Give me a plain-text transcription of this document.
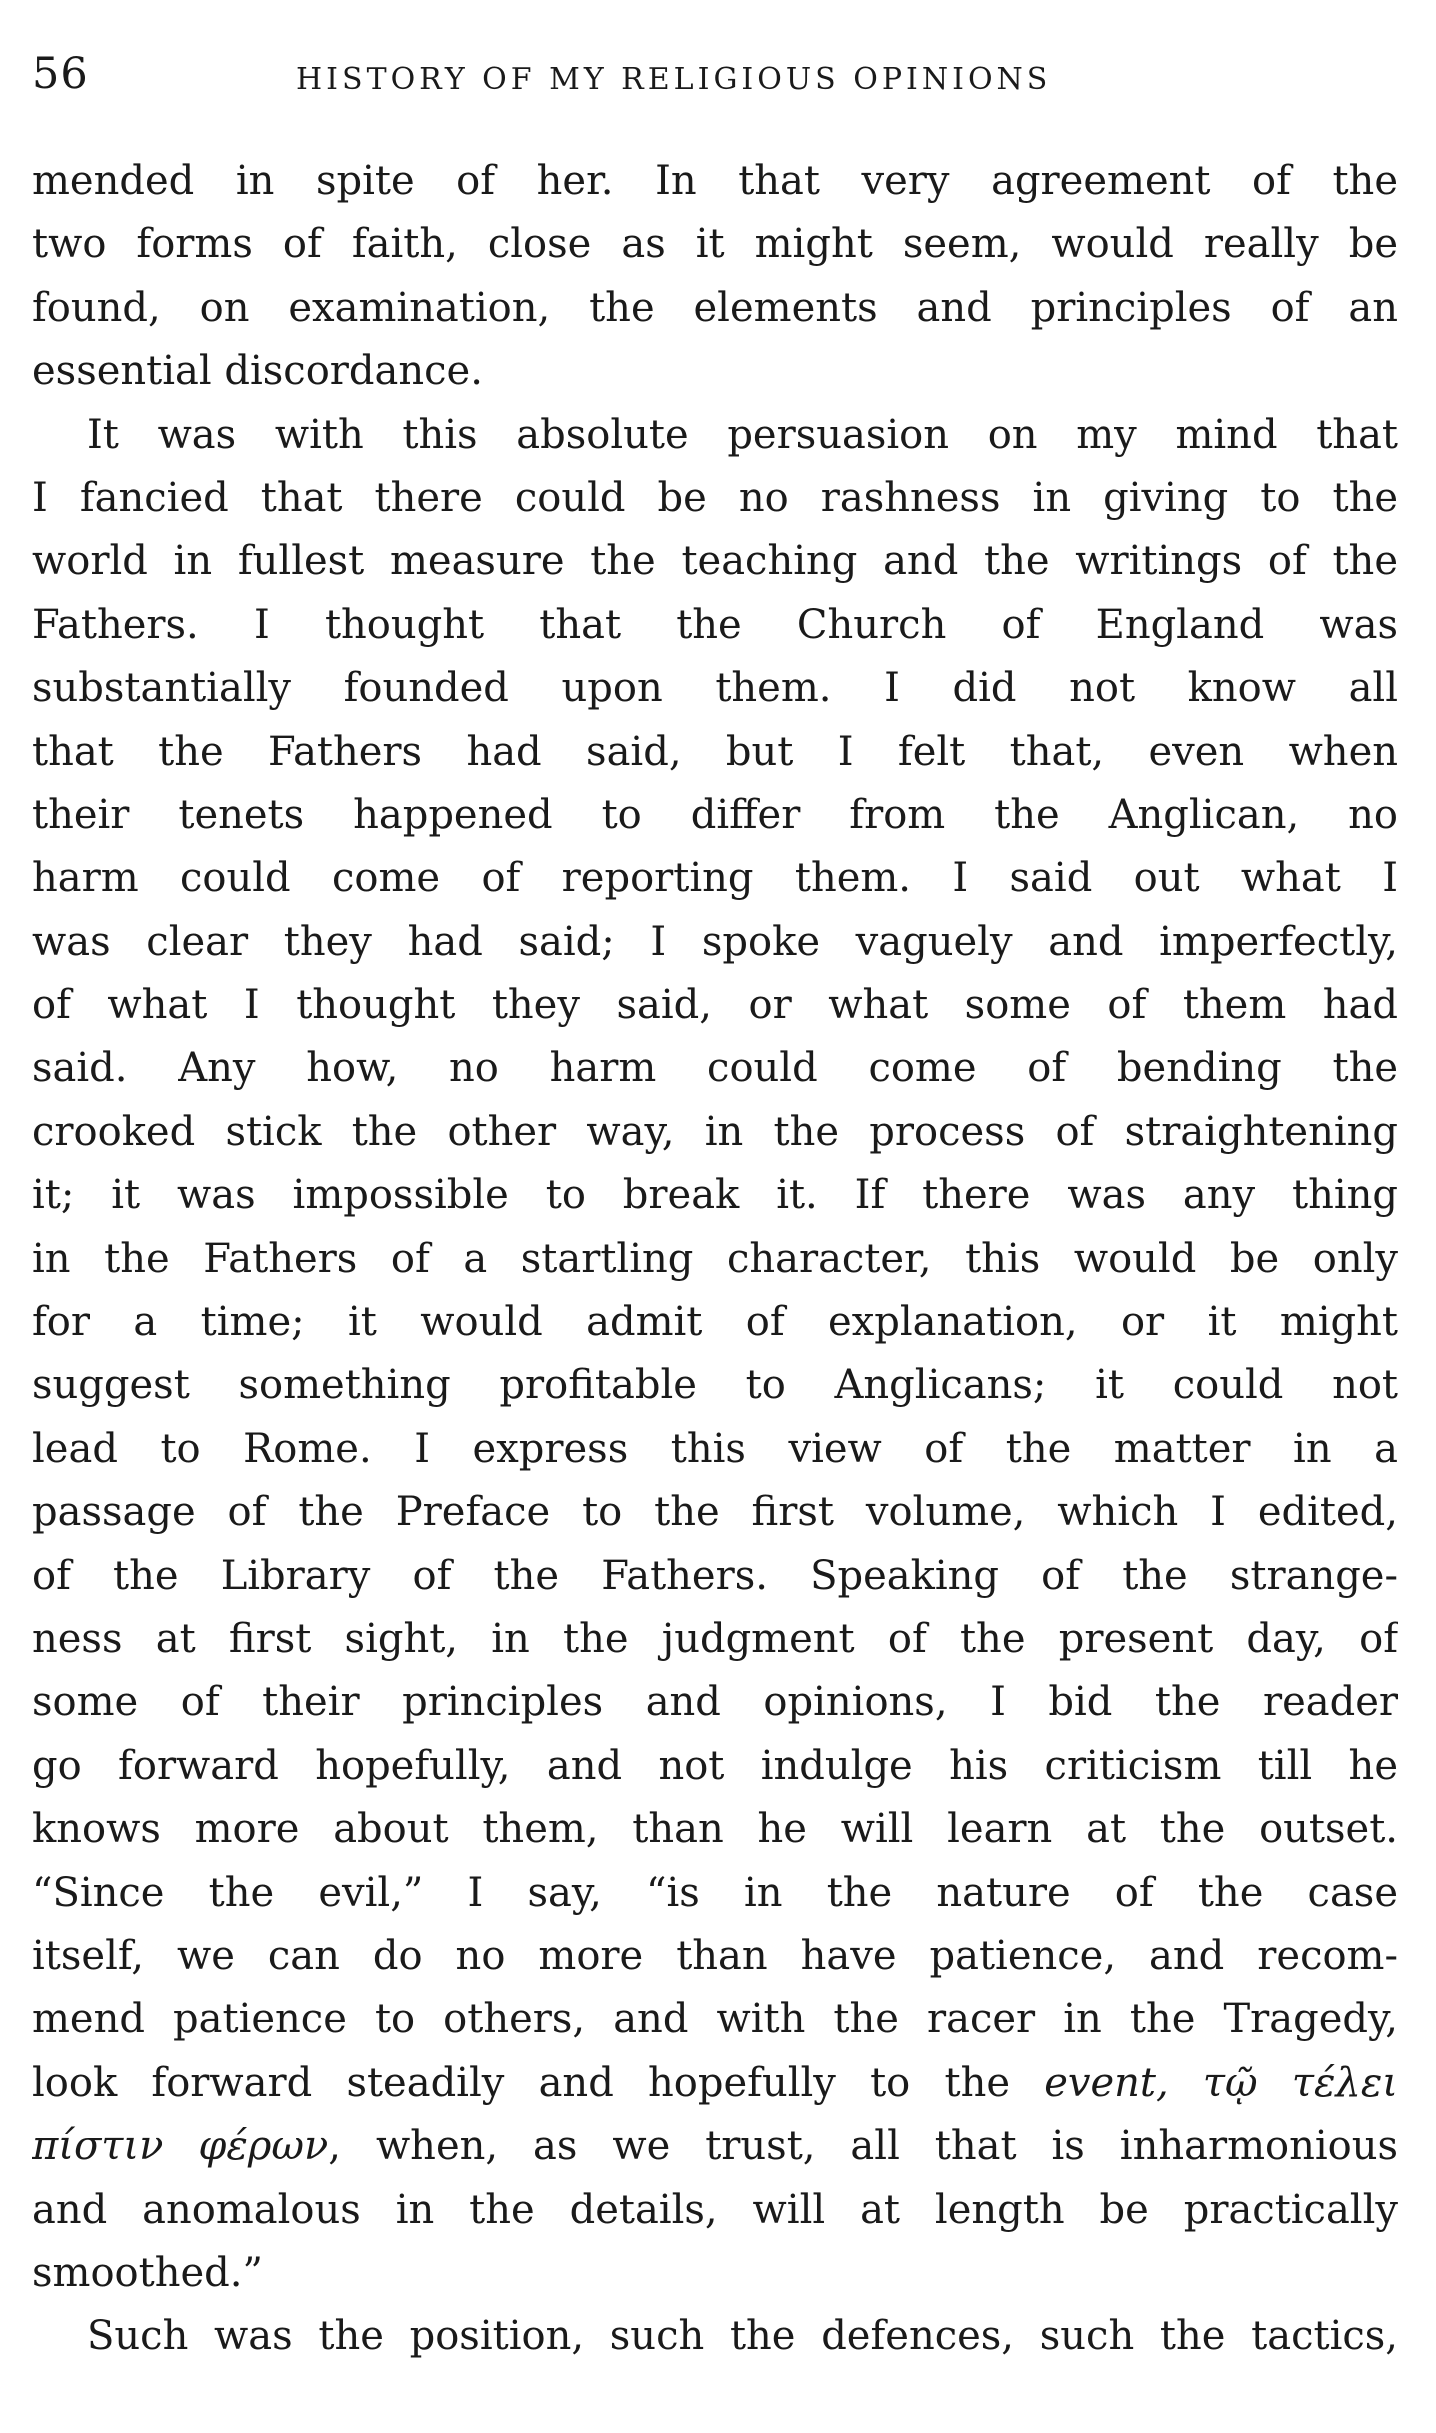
56	HISTORY OF MY RELIGIOUS OPINIONS
mended in spite of her. In that very agreement of the
two forms of faith, close as it might seem, would really be
found, on examination, the elements and principles of an
essential discordance.
It was with this absolute persuasion on my mind that
I fancied that there could be no rashness in giving to the
world in fullest measure the teaching and the writings of the
Fathers. I thought that the Church of England was
substantially founded upon them. I did not know all
that the Fathers had said, but I felt that, even when
their tenets happened to differ from the Anglican, no
harm could come of reporting them. I said out what I
was clear they had said; I spoke vaguely and imperfectly,
of what I thought they said, or what some of them had
said. Any how, no harm could come of bending the
crooked stick the other way, in the process of straightening
it; it was impossible to break it. If there was any thing
in the Fathers of a startling character, this would be only
for a time; it would admit of explanation, or it might
suggest something profitable to Anglicans; it could not
lead to Rome. I express this view of the matter in a
passage of the Preface to the first volume, which I edited,
of the Library of the Fathers. Speaking of the strange-
ness at first sight, in the judgment of the present day, of
some of their principles and opinions, I bid the reader
go forward hopefully, and not indulge his criticism till he
knows more about them, than he will learn at the outset.
“Since the evil,” I say, “is in the nature of the case
itself, we can do no more than have patience, and recom-
mend patience to others, and with the racer in the Tragedy,
look forward steadily and hopefully to the event, τῷ τέλει
πίστιν φέρων, when, as we trust, all that is inharmonious
and anomalous in the details, will at length be practically
smoothed.”
Such was the position, such the defences, such the tactics,
